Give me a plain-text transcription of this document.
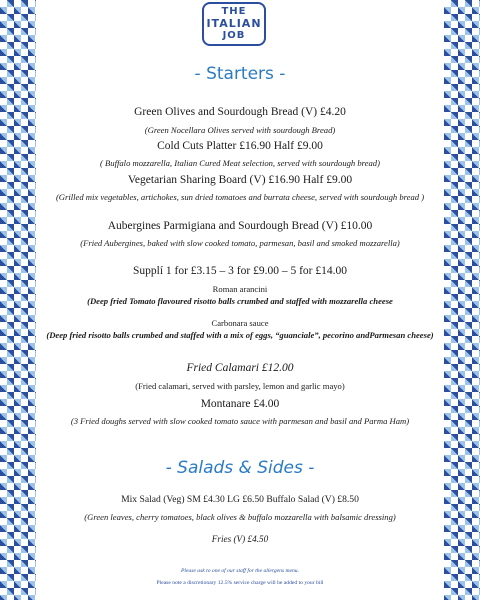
THE
ITALIAN
JOB
- Starters -
Green Olives and Sourdough Bread (V) £4.20
(Green Nocellara Olives served with sourdough Bread)
Cold Cuts Platter £16.90 Half £9.00
( Buffalo mozzarella, Italian Cured Meat selection, served with sourdough bread)
Vegetarian Sharing Board (V) £16.90 Half £9.00
(Grilled mix vegetables, artichokes, sun dried tomatoes and burrata cheese, served with sourdough bread )
Aubergines Parmigiana and Sourdough Bread (V) £10.00
(Fried Aubergines, baked with slow cooked tomato, parmesan, basil and smoked mozzarella)
Supplí 1 for £3.15 – 3 for £9.00 – 5 for £14.00
Roman arancini
(Deep fried Tomato flavoured risotto balls crumbed and staffed with mozzarella cheese
Carbonara sauce
(Deep fried risotto balls crumbed and staffed with a mix of eggs, “guanciale”, pecorino andParmesan cheese)
Fried Calamari £12.00
(Fried calamari, served with parsley, lemon and garlic mayo)
Montanare £4.00
(3 Fried doughs served with slow cooked tomato sauce with parmesan and basil and Parma Ham)
- Salads & Sides -
Mix Salad (Veg) SM £4.30 LG £6.50 Buffalo Salad (V) £8.50
(Green leaves, cherry tomatoes, black olives & buffalo mozzarella with balsamic dressing)
Fries (V) £4.50
Please ask to one of our staff for the allergens menu.
Please note a discretionary 12.5% service charge will be added to your bill
